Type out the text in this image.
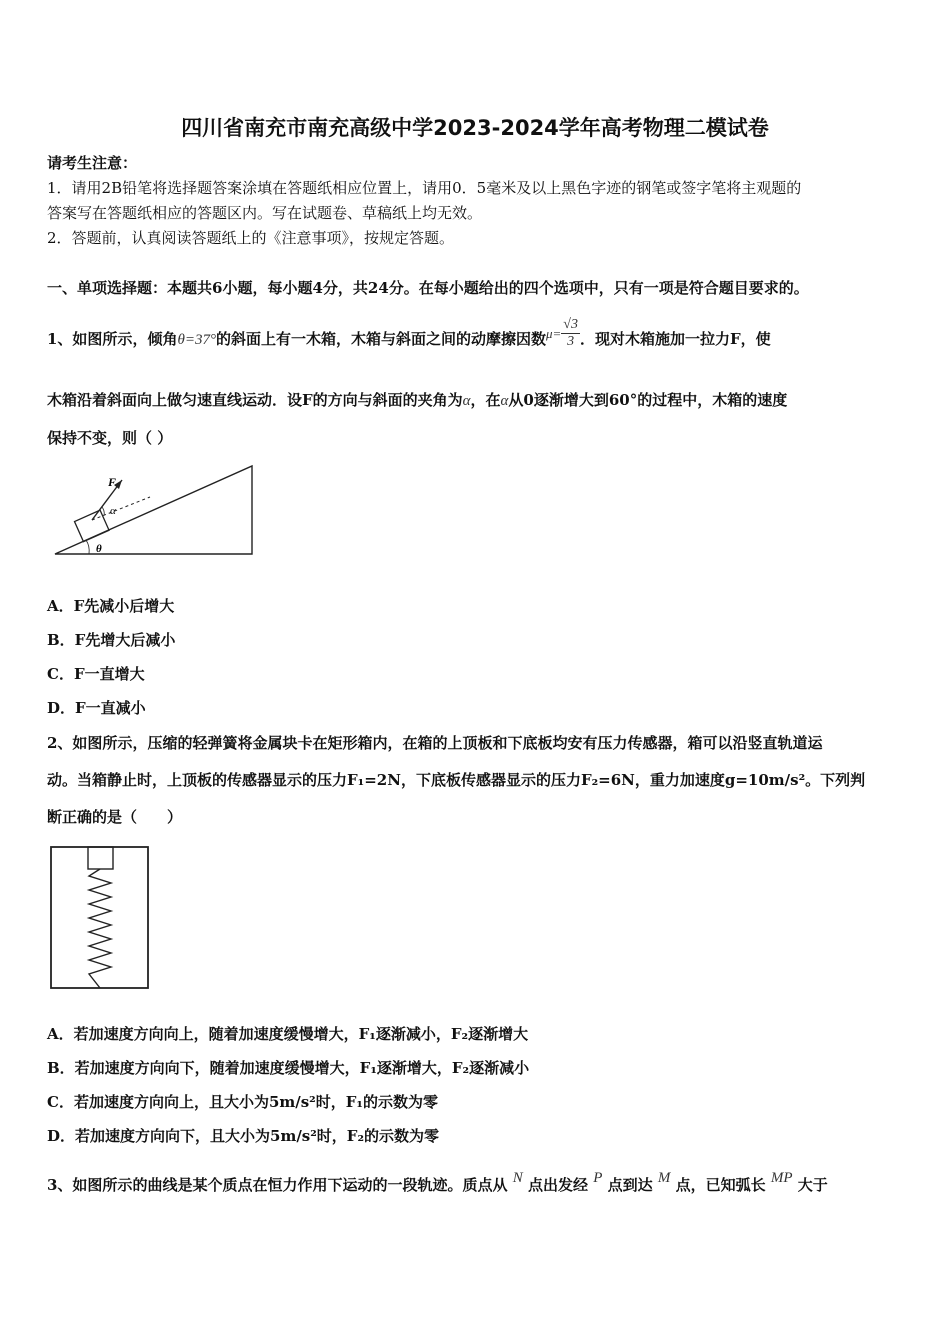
四川省南充市南充高级中学2023-2024学年高考物理二模试卷
请考生注意：
1．请用2B铅笔将选择题答案涂填在答题纸相应位置上，请用0．5毫米及以上黑色字迹的钢笔或签字笔将主观题的
答案写在答题纸相应的答题区内。写在试题卷、草稿纸上均无效。
2．答题前，认真阅读答题纸上的《注意事项》，按规定答题。
一、单项选择题：本题共6小题，每小题4分，共24分。在每小题给出的四个选项中，只有一项是符合题目要求的。
1、如图所示，倾角θ=37°的斜面上有一木箱，木箱与斜面之间的动摩擦因数$\mu= \frac{√3}{3}$ ．现对木箱施加一拉力F，使
木箱沿着斜面向上做匀速直线运动．设F的方向与斜面的夹角为α，在α从0逐渐增大到60°的过程中，木箱的速度
保持不变，则（ ）
F
α
θ
A．F先减小后增大
B．F先增大后减小
C．F一直增大
D．F一直减小
2、如图所示，压缩的轻弹簧将金属块卡在矩形箱内，在箱的上顶板和下底板均安有压力传感器，箱可以沿竖直轨道运
动。当箱静止时，上顶板的传感器显示的压力F₁=2N，下底板传感器显示的压力F₂=6N，重力加速度g=10m/s²。下列判
断正确的是（　　）
A．若加速度方向向上，随着加速度缓慢增大，F₁逐渐减小，F₂逐渐增大
B．若加速度方向向下，随着加速度缓慢增大，F₁逐渐增大，F₂逐渐减小
C．若加速度方向向上，且大小为5m/s²时，F₁的示数为零
D．若加速度方向向下，且大小为5m/s²时，F₂的示数为零
3、如图所示的曲线是某个质点在恒力作用下运动的一段轨迹。质点从 N 点出发经 P 点到达 M 点，已知弧长 MP 大于
